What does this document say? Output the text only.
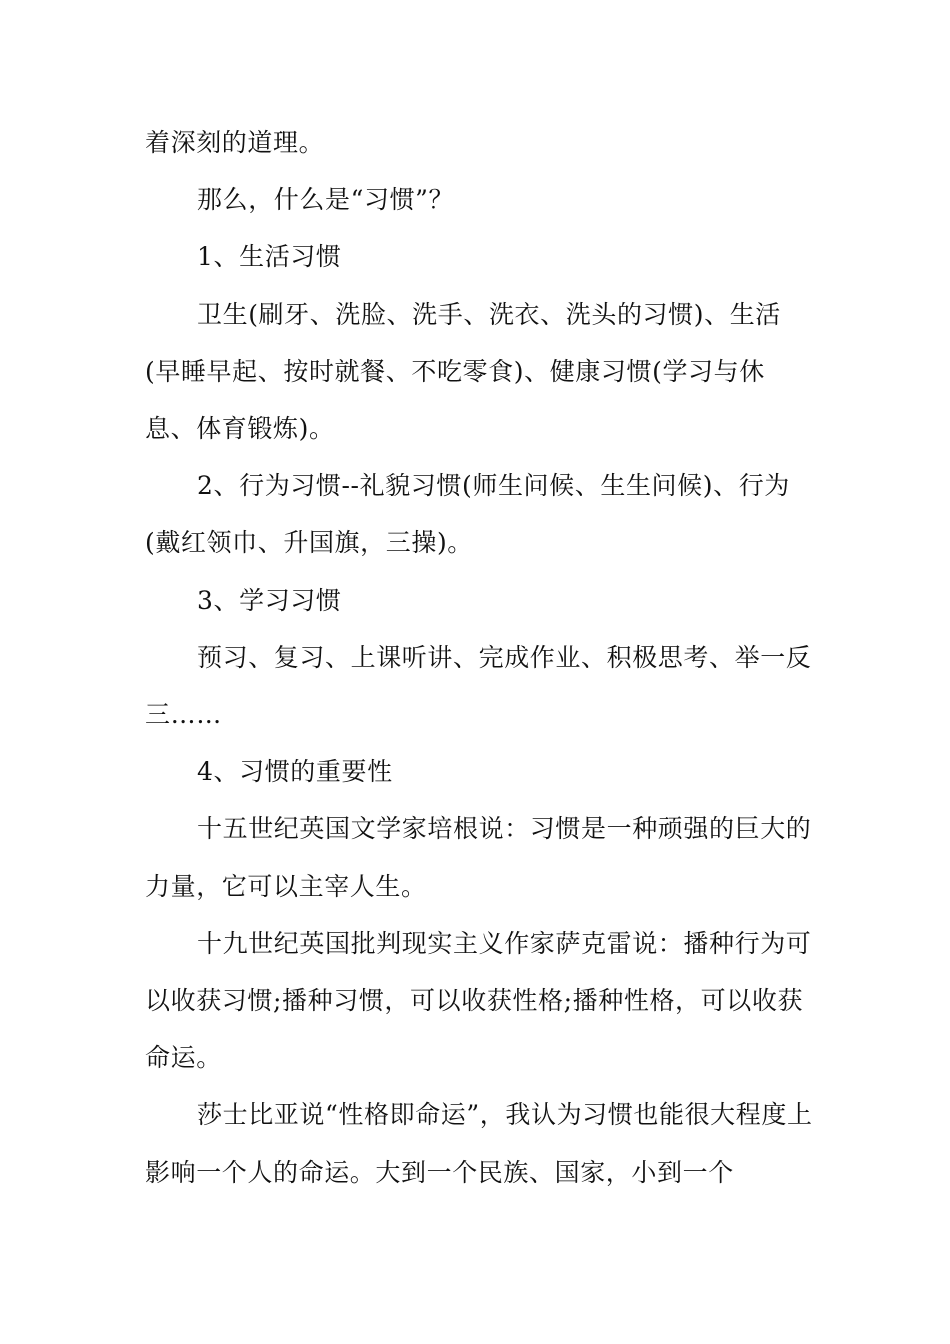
着深刻的道理。

那么，什么是“习惯”？

1、生活习惯

卫生(刷牙、洗脸、洗手、洗衣、洗头的习惯)、生活(早睡早起、按时就餐、不吃零食)、健康习惯(学习与休息、体育锻炼)。

2、行为习惯--礼貌习惯(师生问候、生生问候)、行为(戴红领巾、升国旗，三操)。

3、学习习惯

预习、复习、上课听讲、完成作业、积极思考、举一反三……

4、习惯的重要性

十五世纪英国文学家培根说：习惯是一种顽强的巨大的力量，它可以主宰人生。

十九世纪英国批判现实主义作家萨克雷说：播种行为可以收获习惯;播种习惯，可以收获性格;播种性格，可以收获命运。

莎士比亚说“性格即命运”，我认为习惯也能很大程度上影响一个人的命运。大到一个民族、国家，小到一个
